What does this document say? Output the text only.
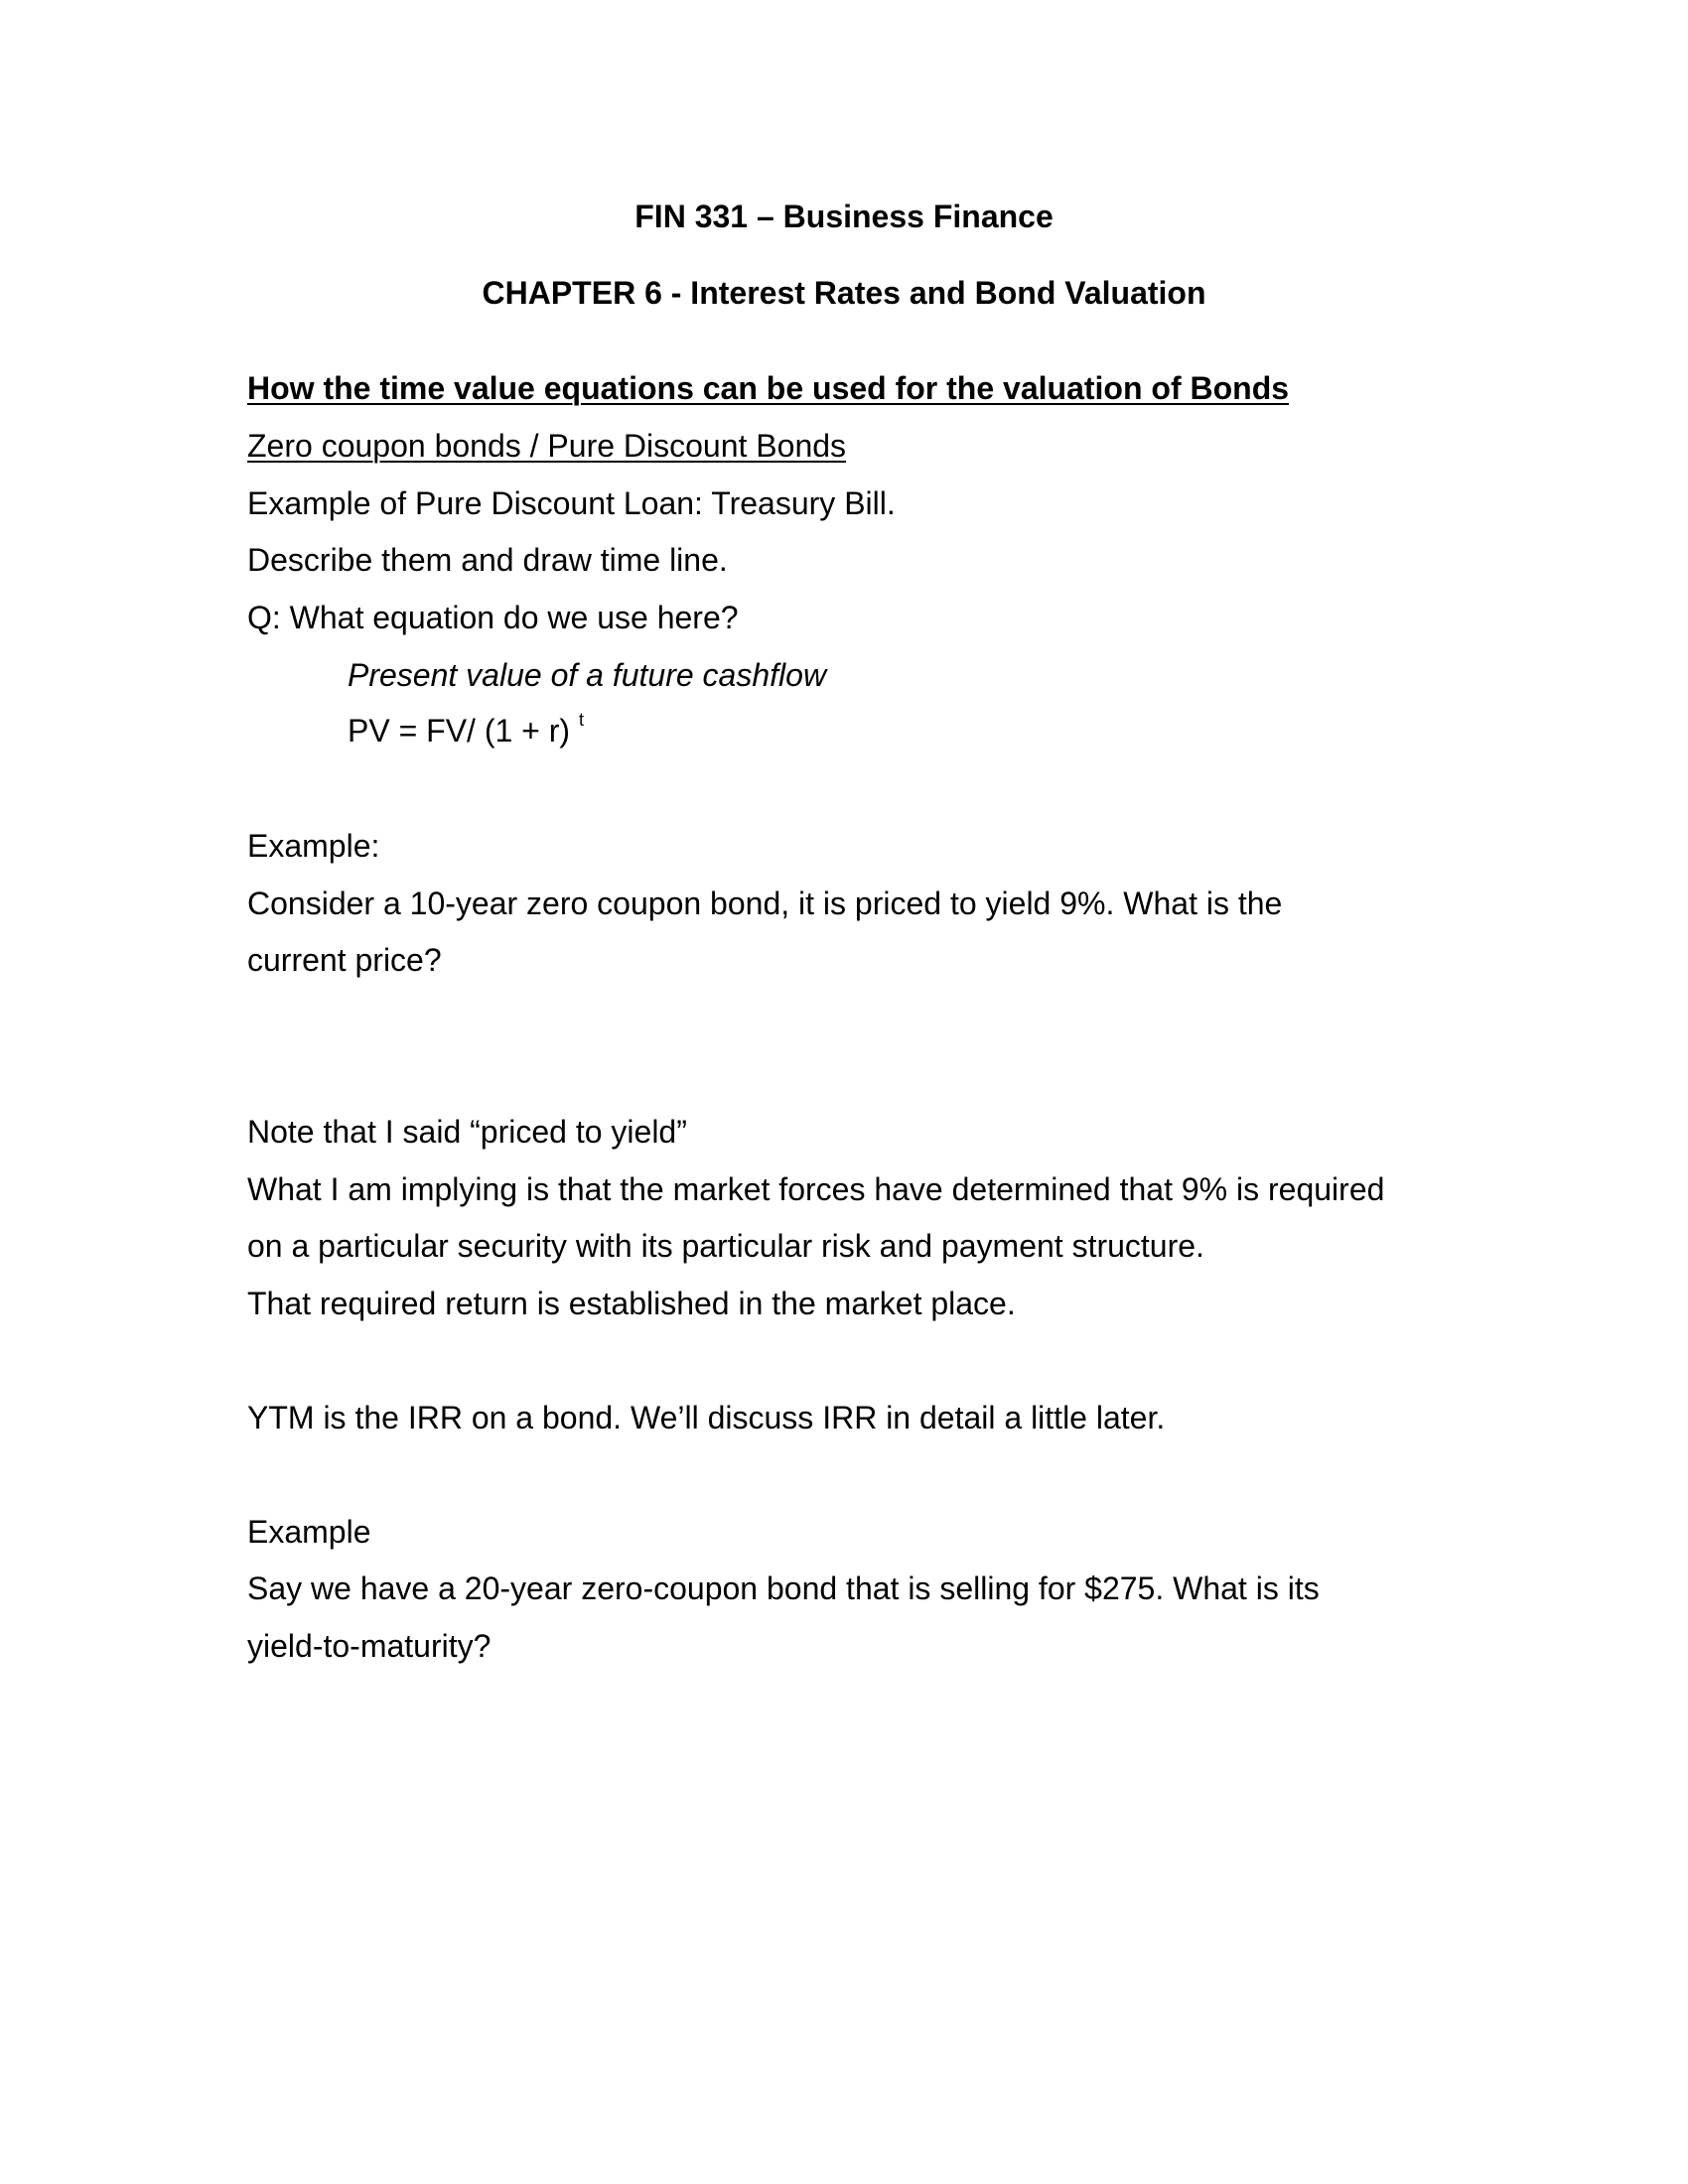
FIN 331 – Business Finance
CHAPTER 6 - Interest Rates and Bond Valuation
How the time value equations can be used for the valuation of Bonds
Zero coupon bonds / Pure Discount Bonds
Example of Pure Discount Loan: Treasury Bill.
Describe them and draw time line.
Q: What equation do we use here?
Present value of a future cashflow
PV = FV/ (1 + r) $^t$
Example:
Consider a 10-year zero coupon bond, it is priced to yield 9%. What is the
current price?
Note that I said “priced to yield”
What I am implying is that the market forces have determined that 9% is required
on a particular security with its particular risk and payment structure.
That required return is established in the market place.
YTM is the IRR on a bond. We’ll discuss IRR in detail a little later.
Example
Say we have a 20-year zero-coupon bond that is selling for $275. What is its
yield-to-maturity?
